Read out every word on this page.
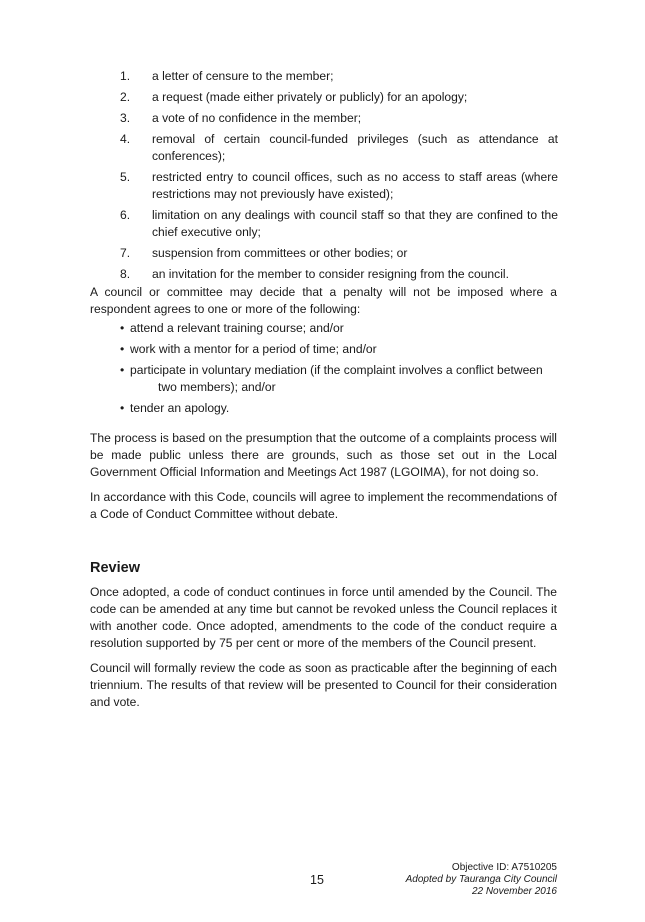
1.	a letter of censure to the member;
2.	a request (made either privately or publicly) for an apology;
3.	a vote of no confidence in the member;
4.	removal of certain council-funded privileges (such as attendance at conferences);
5.	restricted entry to council offices, such as no access to staff areas (where restrictions may not previously have existed);
6.	limitation on any dealings with council staff so that they are confined to the chief executive only;
7.	suspension from committees or other bodies; or
8.	an invitation for the member to consider resigning from the council.

A council or committee may decide that a penalty will not be imposed where a respondent agrees to one or more of the following:

• attend a relevant training course; and/or
• work with a mentor for a period of time; and/or
• participate in voluntary mediation (if the complaint involves a conflict between
two members); and/or
• tender an apology.

The process is based on the presumption that the outcome of a complaints process will be made public unless there are grounds, such as those set out in the Local Government Official Information and Meetings Act 1987 (LGOIMA), for not doing so.

In accordance with this Code, councils will agree to implement the recommendations of a Code of Conduct Committee without debate.

Review

Once adopted, a code of conduct continues in force until amended by the Council. The code can be amended at any time but cannot be revoked unless the Council replaces it with another code. Once adopted, amendments to the code of the conduct require a resolution supported by 75 per cent or more of the members of the Council present.

Council will formally review the code as soon as practicable after the beginning of each triennium. The results of that review will be presented to Council for their consideration and vote.

15
Objective ID: A7510205
Adopted by Tauranga City Council
22 November 2016
